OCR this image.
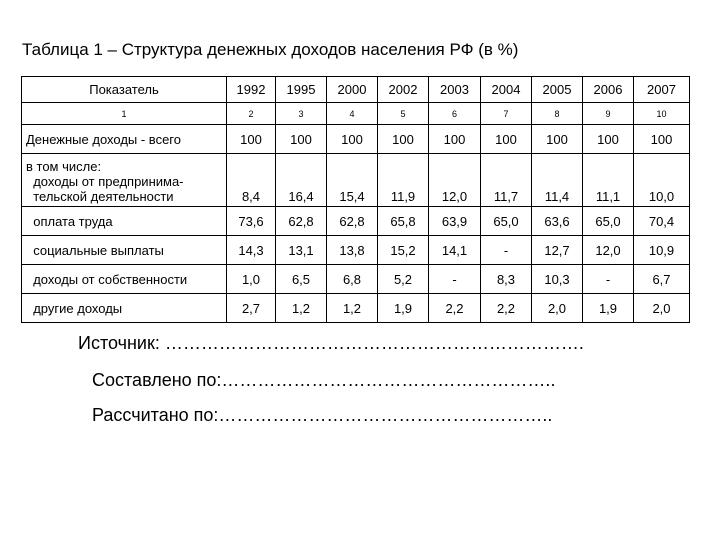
Таблица 1 – Структура денежных доходов населения РФ (в %)
Показатель	1992	1995	2000	2002	2003	2004	2005	2006	2007
1	2	3	4	5	6	7	8	9	10
Денежные доходы - всего	100	100	100	100	100	100	100	100	100

в том числе:
доходы от предпринима-
тельской деятельности	8,4	16,4	15,4	11,9	12,0	11,7	11,4	11,1	10,0
оплата труда	73,6	62,8	62,8	65,8	63,9	65,0	63,6	65,0	70,4
социальные выплаты	14,3	13,1	13,8	15,2	14,1	-	12,7	12,0	10,9
доходы от собственности	1,0	6,5	6,8	5,2	-	8,3	10,3	-	6,7
другие доходы	2,7	1,2	1,2	1,9	2,2	2,2	2,0	1,9	2,0
Источник: …………………………………………………………….
Составлено по:………………………………………………..
Рассчитано по:………………………………………………..
